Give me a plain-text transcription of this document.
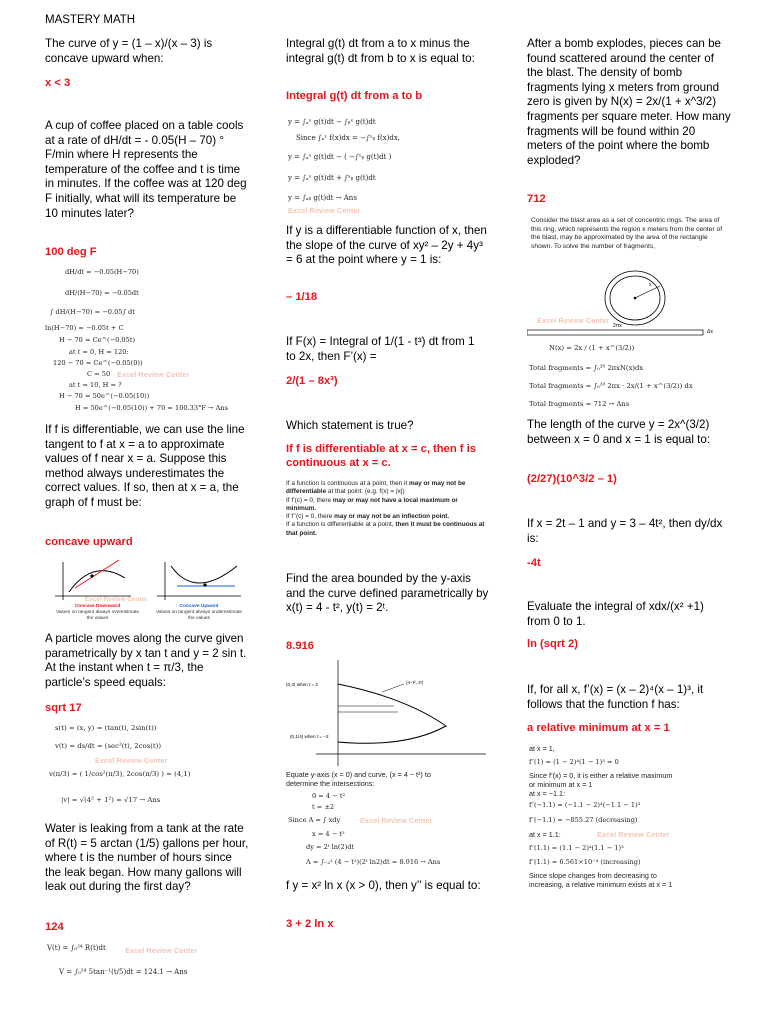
MASTERY MATH

The curve of y = (1 – x)/(x – 3) is concave upward when:

x < 3

A cup of coffee placed on a table cools at a rate of dH/dt = - 0.05(H – 70) ° F/min where H represents the temperature of the coffee and t is time in minutes. If the coffee was at 120 deg F initially, what will its temperature be 10 minutes later?

100 deg F

dH/dt = −0.05(H−70)
dH/(H−70) = −0.05dt
∫ dH/(H−70) = −0.05∫ dt
ln(H−70) = −0.05t + C
H − 70 = Ce^(−0.05t)
at t = 0, H = 120:
120 − 70 = Ce^(−0.05(0))
C = 50 Excel Review Center
at t = 10, H = ?
H − 70 = 50e^(−0.05(10))
H = 50e^(−0.05(10)) + 70 = 100.33°F → Ans

If f is differentiable, we can use the line tangent to f at x = a to approximate values of f near x = a. Suppose this method always underestimates the correct values. If so, then at x = a, the graph of f must be:

concave upward

Excel Review Center
Concave Downward
Values on tangent always overestimate the values
Concave Upward
Values on tangent always underestimate the values

A particle moves along the curve given parametrically by x tan t and y = 2 sin t. At the instant when t = π/3, the particle’s speed equals:

sqrt 17

s(t) = (x, y) = (tan(t), 2sin(t))
v(t) = ds/dt = (sec²(t), 2cos(t))
Excel Review Center
v(π/3) = ( 1/cos²(π/3), 2cos(π/3) ) = (4,1)
|v| = √(4² + 1²) = √17 → Ans

Water is leaking from a tank at the rate of R(t) = 5 arctan (1/5) gallons per hour, where t is the number of hours since the leak began. How many gallons will leak out during the first day?

124

V(t) = ∫₀²⁴ R(t)dt	Excel Review Center
V = ∫₀²⁴ 5tan⁻¹(t/5)dt = 124.1 → Ans

Integral g(t) dt from a to x minus the integral g(t) dt from b to x is equal to:

Integral g(t) dt from a to b

y = ∫ₐˣ g(t)dt − ∫ᵦˣ g(t)dt
Since ∫ₐˣ f(x)dx = −∫ˣᵦ f(x)dx,
y = ∫ₐˣ g(t)dt − ( −∫ˣᵦ g(t)dt )
y = ∫ₐˣ g(t)dt + ∫ˣᵦ g(t)dt
y = ∫ₐᵦ g(t)dt → Ans
Excel Review Center

If y is a differentiable function of x, then the slope of the curve of xy² – 2y + 4y³ = 6 at the point where y = 1 is:

– 1/18

If F(x) = Integral of 1/(1 - t³) dt from 1 to 2x, then F’(x) =

2/(1 – 8x³)

Which statement is true?

If f is differentiable at x = c, then f is continuous at x = c.

If a function is continuous at a point, then it may or may not be differentiable at that point. (e.g. f(x) = |x|)
If f’(c) = 0, there may or may not have a local maximum or minimum.
If f’’(c) = 0, there may or may not be an inflection point.
If a function is differentiable at a point, then it must be continuous at that point.

Find the area bounded by the y-axis and the curve defined parametrically by x(t) = 4 - t², y(t) = 2ᵗ.

8.916

(0,4) when t = 2
(0,1/4) when t = −2
(4−t², 2ᵗ)
Equate y-axis (x = 0) and curve, (x = 4 − t²) to
determine the intersections:
0 = 4 − t²
t = ±2
Since A = ∫ xdy	Excel Review Center
x = 4 − t²
dy = 2ᵗ ln(2)dt
A = ∫₋₂² (4 − t²)(2ᵗ ln2)dt = 8.916 → Ans

f y = x² ln x (x > 0), then y’’ is equal to:

3 + 2 ln x

After a bomb explodes, pieces can be found scattered around the center of the blast. The density of bomb fragments lying x meters from ground zero is given by N(x) = 2x/(1 + x^3/2) fragments per square meter. How many fragments will be found within 20 meters of the point where the bomb exploded?

712

Consider the blast area as a set of concentric rings. The area of this ring, which represents the region x meters from the center of the blast, may be approximated by the area of the rectangle shown. To solve the number of fragments,
x
Excel Review Center
2πx
Δx
N(x) = 2x / (1 + x^(3/2))
Total fragments = ∫₀²⁰ 2πxN(x)dx
Total fragments = ∫₀²⁰ 2πx · 2x/(1 + x^(3/2)) dx
Total fragments = 712 → Ans

The length of the curve y = 2x^(3/2) between x = 0 and x = 1 is equal to:

(2/27)(10^3/2 – 1)

If x = 2t – 1 and y = 3 – 4t², then dy/dx is:

-4t

Evaluate the integral of xdx/(x² +1) from 0 to 1.

ln (sqrt 2)

If, for all x, f’(x) = (x – 2)⁴(x – 1)³, it follows that the function f has:

a relative minimum at x = 1

at x = 1,
f’(1) = (1 − 2)⁴(1 − 1)³ = 0
Since f’(x) = 0, it is either a relative maximum
or minimum at x = 1
at x = −1.1:
f’(−1.1) = (−1.1 − 2)⁴(−1.1 − 1)³
f’(−1.1) = −855.27 (decreasing)
at x = 1.1:	Excel Review Center
f’(1.1) = (1.1 − 2)⁴(1.1 − 1)³
f’(1.1) = 6.561×10⁻⁴ (increasing)
Since slope changes from decreasing to
increasing, a relative minimum exists at x = 1
